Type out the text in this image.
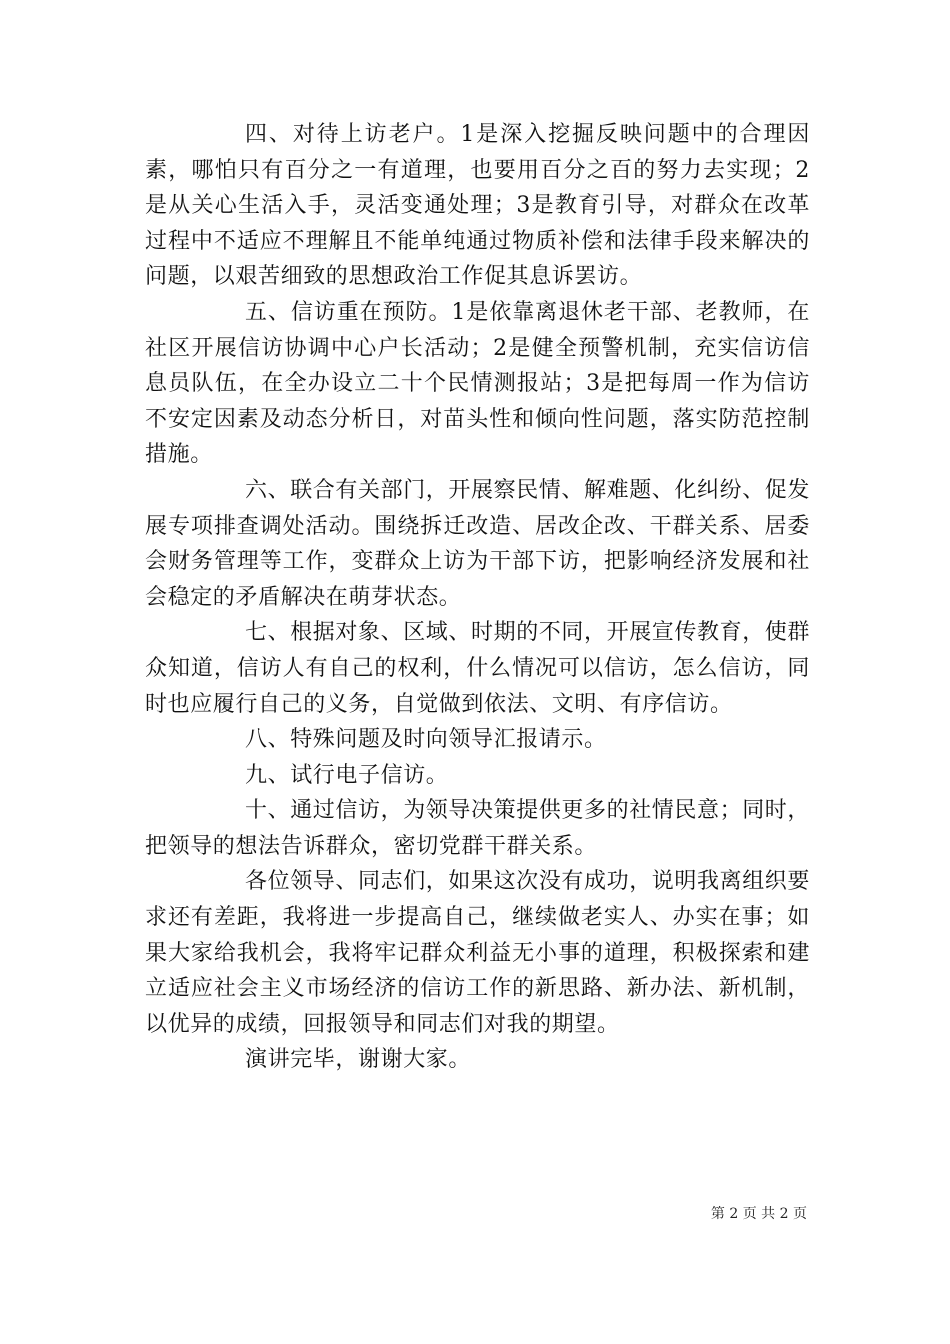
四、对待上访老户。1是深入挖掘反映问题中的合理因素，哪怕只有百分之一有道理，也要用百分之百的努力去实现；2是从关心生活入手，灵活变通处理；3是教育引导，对群众在改革过程中不适应不理解且不能单纯通过物质补偿和法律手段来解决的问题，以艰苦细致的思想政治工作促其息诉罢访。

五、信访重在预防。1是依靠离退休老干部、老教师，在社区开展信访协调中心户长活动；2是健全预警机制，充实信访信息员队伍，在全办设立二十个民情测报站；3是把每周一作为信访不安定因素及动态分析日，对苗头性和倾向性问题，落实防范控制措施。

六、联合有关部门，开展察民情、解难题、化纠纷、促发展专项排查调处活动。围绕拆迁改造、居改企改、干群关系、居委会财务管理等工作，变群众上访为干部下访，把影响经济发展和社会稳定的矛盾解决在萌芽状态。

七、根据对象、区域、时期的不同，开展宣传教育，使群众知道，信访人有自己的权利，什么情况可以信访，怎么信访，同时也应履行自己的义务，自觉做到依法、文明、有序信访。

八、特殊问题及时向领导汇报请示。

九、试行电子信访。

十、通过信访，为领导决策提供更多的社情民意；同时，把领导的想法告诉群众，密切党群干群关系。

各位领导、同志们，如果这次没有成功，说明我离组织要求还有差距，我将进一步提高自己，继续做老实人、办实在事；如果大家给我机会，我将牢记群众利益无小事的道理，积极探索和建立适应社会主义市场经济的信访工作的新思路、新办法、新机制，以优异的成绩，回报领导和同志们对我的期望。

演讲完毕，谢谢大家。

第 2 页 共 2 页
